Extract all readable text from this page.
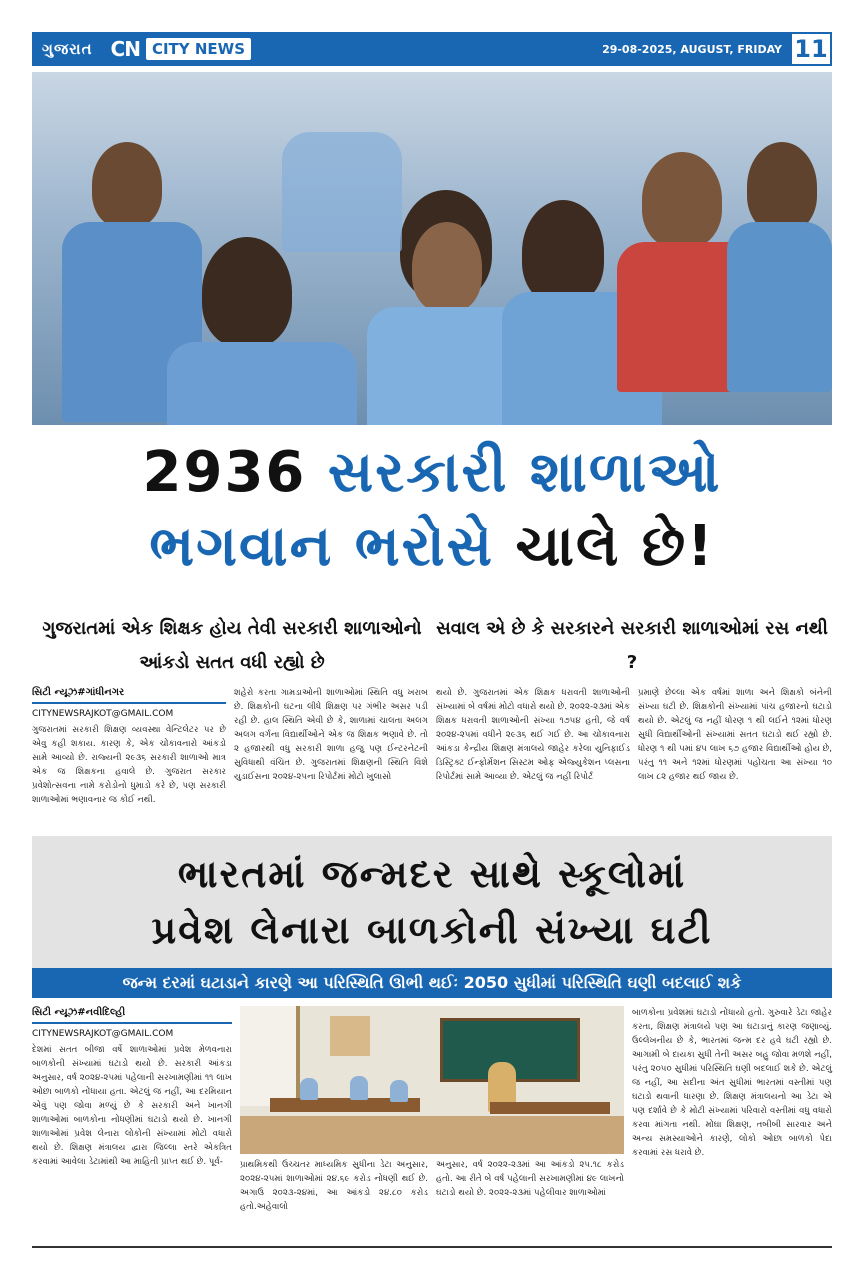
ગુજરાત CN CITY NEWS	29-08-2025, AUGUST, FRIDAY 11
2936 સરકારી શાળાઓ
ભગવાન ભરોસે ચાલે છે!
ગુજરાતમાં એક શિક્ષક હોય તેવી સરકારી શાળાઓનો આંકડો સતત વધી રહ્યો છે
સવાલ એ છે કે સરકારને સરકારી શાળાઓમાં રસ નથી ?
સિટી ન્યૂઝ#ગાંધીનગર
CITYNEWSRAJKOT@GMAIL.COM
ગુજરાતમાં સરકારી શિક્ષણ વ્યવસ્થા વેન્ટિલેટર પર છે એવુ કહી શકાય. કારણ કે, એક ચોંકાવનારો આંકડો સામે આવ્યો છે. રાજ્યની ૨૯૩૬ સરકારી શાળાઓ માત્ર એક જ શિક્ષકના હવાલે છે. ગુજરાત સરકાર પ્રવેશોત્સવના નામે કરોડોનો ધુમાડો કરે છે, પણ સરકારી શાળાઓમાં ભણાવનાર જ કોઈ નથી.
શહેરો કરતા ગામડાઓની શાળાઓમાં સ્થિતિ વધુ ખરાબ છે. શિક્ષકોની ઘટના લીધે શિક્ષણ પર ગંભીર અસર પડી રહી છે. હાલ સ્થિતિ એવી છે કે, શાળામાં ચાલતા અલગ અલગ વર્ગના વિદ્યાર્થીઓને એક જ શિક્ષક ભણાવે છે. તો ૨ હજારથી વધુ સરકારી શાળા હજુ પણ ઈન્ટરનેટની સુવિધાથી વંચિત છે. ગુજરાતમાં શિક્ષણની સ્થિતિ વિશે યુડાઈસના ૨૦૨૪-૨૫ના રિપોર્ટમાં મોટો ખુલાસો
થયો છે. ગુજરાતમાં એક શિક્ષક ધરાવતી શાળાઓની સંખ્યામાં બે વર્ષમાં મોટો વધારો થયો છે. ૨૦૨૨-૨૩માં એક શિક્ષક ધરાવતી શાળાઓની સંખ્યા ૧૭૫૪ હતી, જે વર્ષ ૨૦૨૪-૨૫માં વધીને ૨૯૩૬ થઈ ગઈ છે. આ ચોંકાવનારા આંકડા કેન્દ્રીય શિક્ષણ મંત્રાલયે જાહેર કરેલા યુનિફાઈડ ડિસ્ટ્રિક્ટ ઈન્ફોર્મેશન સિસ્ટમ ઓફ એજ્યુકેશન પ્લસના રિપોર્ટમાં સામે આવ્યા છે. એટલું જ નહીં રિપોર્ટ
પ્રમાણે છેલ્લા એક વર્ષમાં શાળા અને શિક્ષકો બંનેની સંખ્યા ઘટી છે. શિક્ષકોની સંખ્યામાં પાંચ હજારનો ઘટાડો થયો છે. એટલું જ નહીં ધોરણ ૧ થી લઈને ૧૨માં ધોરણ સુધી વિદ્યાર્થીઓની સંખ્યામાં સતત ઘટાડો થઈ રહ્યો છે. ધોરણ ૧ થી ૫માં ૪૫ લાખ ૬૭ હજાર વિદ્યાર્થીઓ હોય છે, પરંતુ ૧૧ અને ૧૨માં ધોરણમાં પહોંચતા આ સંખ્યા ૧૦ લાખ ૮૨ હજાર થઈ જાય છે.
ભારતમાં જન્મદર સાથે સ્કૂલોમાં
પ્રવેશ લેનારા બાળકોની સંખ્યા ઘટી
જન્મ દરમાં ઘટાડાને કારણે આ પરિસ્થિતિ ઊભી થઈઃ 2050 સુધીમાં પરિસ્થિતિ ઘણી બદલાઈ શકે
સિટી ન્યૂઝ#નવીદિલ્હી
CITYNEWSRAJKOT@GMAIL.COM
દેશમાં સતત બીજા વર્ષે શાળાઓમાં પ્રવેશ મેળવનારા બાળકોની સંખ્યામાં ઘટાડો થયો છે. સરકારી આંકડા અનુસાર, વર્ષ ૨૦૨૪-૨૫માં પહેલાની સરખામણીમાં ૧૧ લાખ ઓછા બાળકો નોંધાયા હતા. એટલું જ નહીં, આ દરમિયાન એવું પણ જોવા મળ્યું છે કે સરકારી અને ખાનગી શાળાઓમાં બાળકોના નોંધણીમાં ઘટાડો થયો છે. ખાનગી શાળાઓમાં પ્રવેશ લેનારા લોકોની સંખ્યામાં મોટો વધારો થયો છે. શિક્ષણ મંત્રાલય દ્વારા જિલ્લા સ્તરે એકત્રિત કરવામાં આવેલા ડેટામાંથી આ માહિતી પ્રાપ્ત થઈ છે. પૂર્વ-	પ્રાથમિકથી ઉચ્ચતર માધ્યમિક સુધીના ડેટા અનુસાર, ૨૦૨૪-૨૫માં શાળાઓમાં ૨૪.૬૯ કરોડ નોંધણી થઈ છે. અગાઉ ૨૦૨૩-૨૪માં, આ આંકડો ૨૪.૮૦ કરોડ હતો.અહેવાલો
અનુસાર, વર્ષ ૨૦૨૨-૨૩માં આ આંકડો ૨૫.૧૮ કરોડ હતો. આ રીતે બે વર્ષ પહેલાની સરખામણીમાં ૪૯ લાખનો ઘટાડો થયો છે. ૨૦૨૨-૨૩માં પહેલીવાર શાળાઓમાં
બાળકોના પ્રવેશમાં ઘટાડો નોંધાયો હતો. ગુરુવારે ડેટા જાહેર કરતા, શિક્ષણ મંત્રાલયે પણ આ ઘટાડાનું કારણ જણાવ્યું. ઉલ્લેખનીય છે કે, ભારતમાં જન્મ દર હવે ઘટી રહ્યો છે. આગામી બે દાયકા સુધી તેની અસર બહુ જોવા મળશે નહીં, પરંતુ ૨૦૫૦ સુધીમાં પરિસ્થિતિ ઘણી બદલાઈ શકે છે. એટલું જ નહીં, આ સદીના અંત સુધીમાં ભારતમાં વસ્તીમાં પણ ઘટાડો થવાની ધારણા છે. શિક્ષણ મંત્રાલયનો આ ડેટા એ પણ દર્શાવે છે કે મોટી સંખ્યામાં પરિવારો વસ્તીમાં વધુ વધારો કરવા માંગતા નથી. મોંઘા શિક્ષણ, તબીબી સારવાર અને અન્ય સમસ્યાઓને કારણે, લોકો ઓછા બાળકો પેદા કરવામાં રસ ધરાવે છે.
